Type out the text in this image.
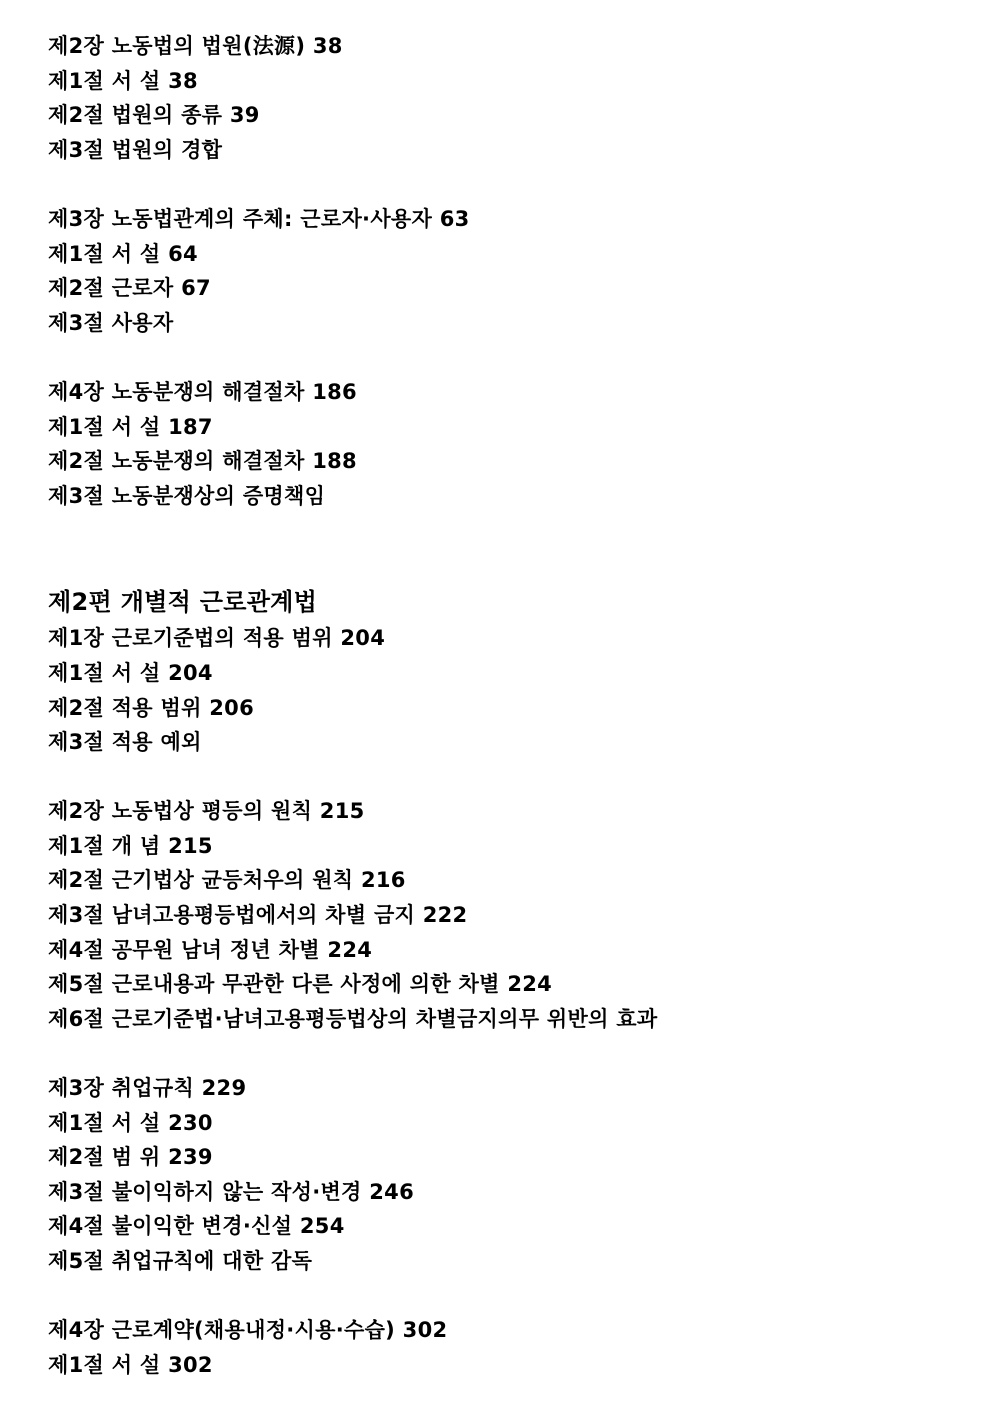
제2장 노동법의 법원(法源) 38
제1절 서 설 38
제2절 법원의 종류 39
제3절 법원의 경합
제3장 노동법관계의 주체: 근로자·사용자 63
제1절 서 설 64
제2절 근로자 67
제3절 사용자
제4장 노동분쟁의 해결절차 186
제1절 서 설 187
제2절 노동분쟁의 해결절차 188
제3절 노동분쟁상의 증명책임
제2편 개별적 근로관계법
제1장 근로기준법의 적용 범위 204
제1절 서 설 204
제2절 적용 범위 206
제3절 적용 예외
제2장 노동법상 평등의 원칙 215
제1절 개 념 215
제2절 근기법상 균등처우의 원칙 216
제3절 남녀고용평등법에서의 차별 금지 222
제4절 공무원 남녀 정년 차별 224
제5절 근로내용과 무관한 다른 사정에 의한 차별 224
제6절 근로기준법·남녀고용평등법상의 차별금지의무 위반의 효과
제3장 취업규칙 229
제1절 서 설 230
제2절 범 위 239
제3절 불이익하지 않는 작성·변경 246
제4절 불이익한 변경·신설 254
제5절 취업규칙에 대한 감독
제4장 근로계약(채용내정·시용·수습) 302
제1절 서 설 302
